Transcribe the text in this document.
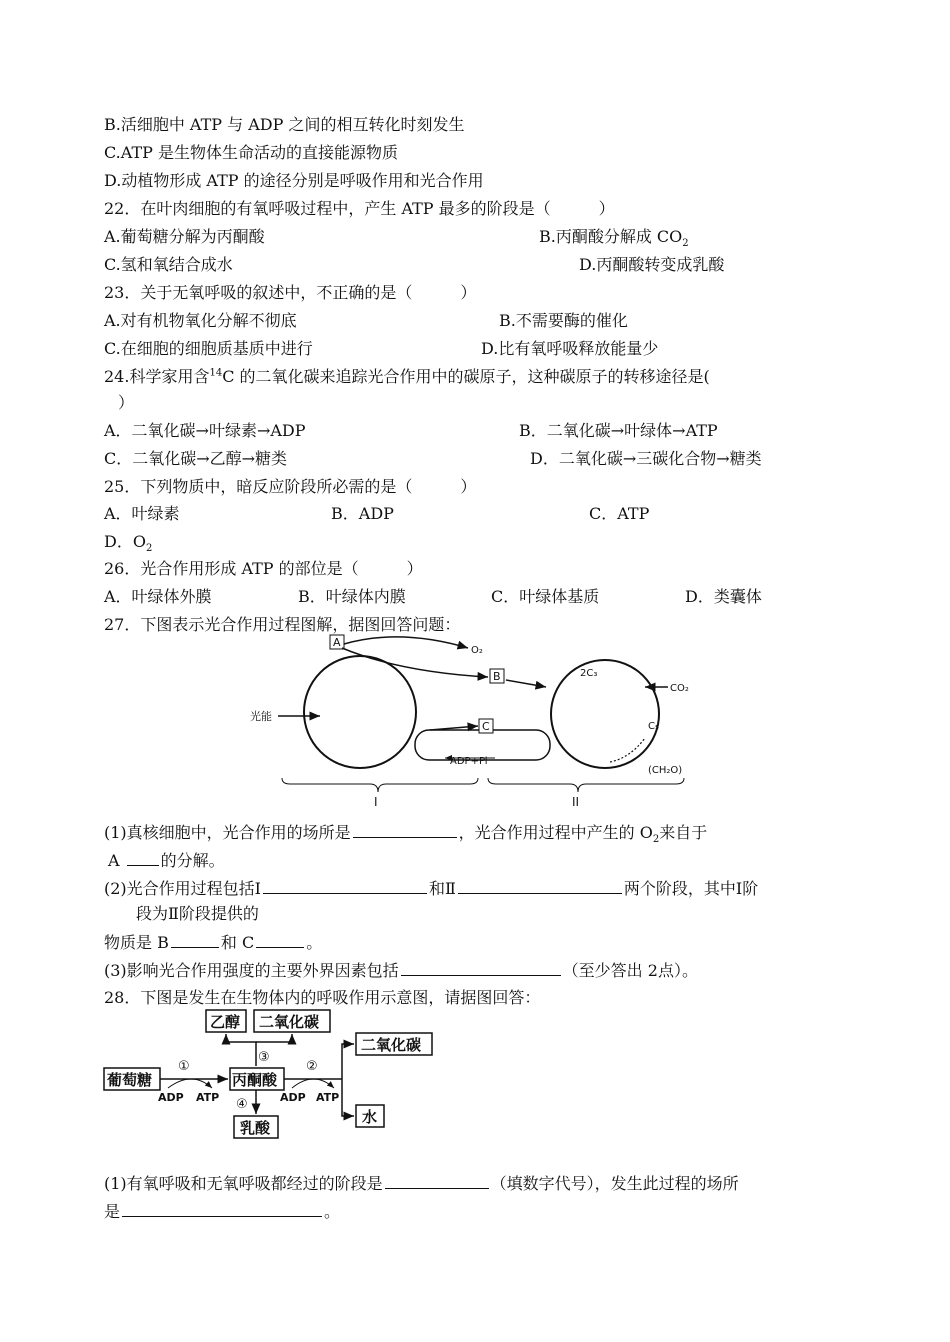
B.活细胞中 ATP 与 ADP 之间的相互转化时刻发生
C.ATP 是生物体生命活动的直接能源物质
D.动植物形成 ATP 的途径分别是呼吸作用和光合作用
22．在叶肉细胞的有氧呼吸过程中，产生 ATP 最多的阶段是（　　　）
A.葡萄糖分解为丙酮酸	B.丙酮酸分解成 $CO_2$
C.氢和氧结合成水	D.丙酮酸转变成乳酸
23．关于无氧呼吸的叙述中，不正确的是（　　　）
A.对有机物氧化分解不彻底	B.不需要酶的催化
C.在细胞的细胞质基质中进行	D.比有氧呼吸释放能量少
24.科学家用含$^{14}$C 的二氧化碳来追踪光合作用中的碳原子，这种碳原子的转移途径是(
）
A．二氧化碳→叶绿素→ADP	B．二氧化碳→叶绿体→ATP
C．二氧化碳→乙醇→糖类	D．二氧化碳→三碳化合物→糖类
25．下列物质中，暗反应阶段所必需的是（　　　）
A．叶绿素	B．ADP	C．ATP
D．$O_2$
26．光合作用形成 ATP 的部位是（　　　）
A．叶绿体外膜	B．叶绿体内膜	C．叶绿体基质	D．类囊体
27．下图表示光合作用过程图解，据图回答问题：
A
O₂
B	2C₃
CO₂
C₅
光能
C
ADP+Pi
(CH₂O)
I	II
(1)真核细胞中，光合作用的场所是	，光合作用过程中产生的 $O_2$来自于
A	的分解。
(2)光合作用过程包括Ⅰ	和Ⅱ	两个阶段，其中Ⅰ阶
段为Ⅱ阶段提供的
物质是 B	和 C	。
(3)影响光合作用强度的主要外界因素包括	（至少答出 2点）。
28．下图是发生在生物体内的呼吸作用示意图，请据图回答：
乙醇 二氧化碳
③
葡萄糖
①
ADP ATP
丙酮酸
④
乳酸
②
ADP ATP
二氧化碳
水
(1)有氧呼吸和无氧呼吸都经过的阶段是	（填数字代号），发生此过程的场所
是	。
